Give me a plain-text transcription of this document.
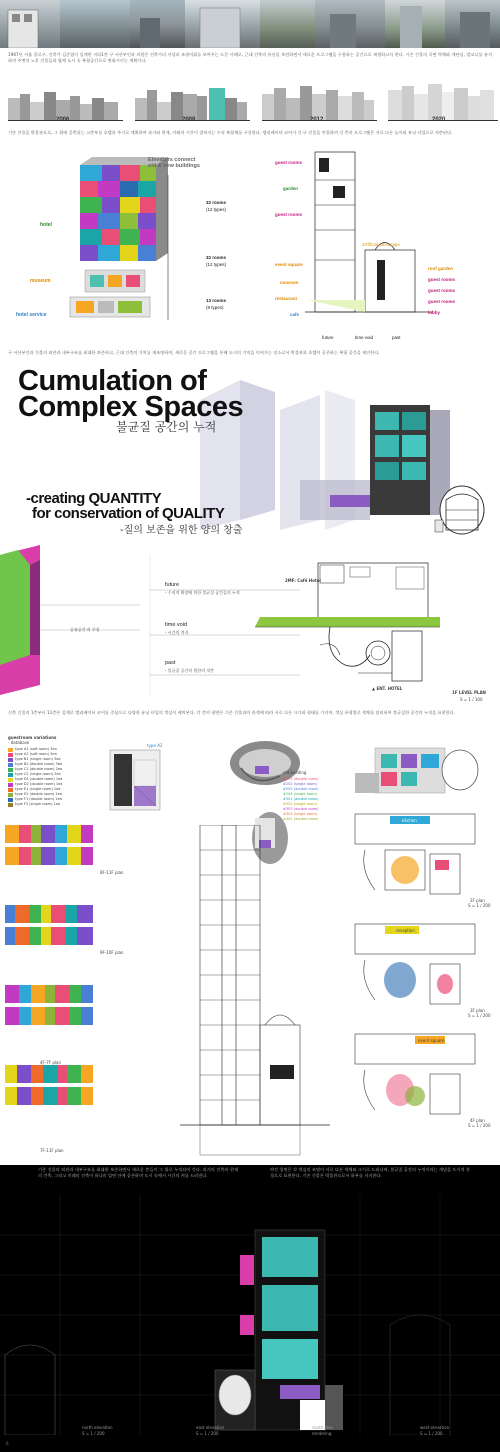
1967년 서울 종로구, 건축가 김중업이 설계한 지하1층 구 서산부인과 의원은 건축가의 사상과 조형어휘를 보여주는 드문 사례로, 근대 건축의 유산을 보전하면서 새로운 프로그램을 수용하는 공간으로 재생하고자 한다. 기존 건물의 곡면 벽체와 계단실, 발코니를 유지하며 주변의 노후 건물들과 함께 도시 속 복합공간으로 변화시키는 계획이다.
2006	2008	2012	2020
기존 건물을 박물관으로, 그 위에 증축되는 고층부를 호텔과 주거로 계획하여 과거와 현재, 미래의 시간이 겹쳐지는 수직 복합체를 구성한다. 엘리베이터 코어가 신·구 건물을 연결하며 각 층의 프로그램은 서로 다른 높이와 유닛 타입으로 적층된다.
Elevators connect
old & new buildings
hotel
museum
hotel service
32 rooms
(12 types)
32 rooms
(12 types)
13 rooms
(9 types)
guest rooms
garden
guest rooms
event square
museum
restaurant
cafe
roof garden
guest rooms
guest rooms
guest rooms
lobby
artificial landscape
future	time void	past
구 서산부인과 건물의 외관과 내부구조를 최대한 보존하고, 근대 건축의 가치를 재조명하며, 새로운 공간 프로그램을 통해 도시의 기억을 이어가는 장소로서 박물관과 호텔이 공존하는 복합 공간을 제안한다.
Cumulation of
Complex Spaces
불균질 공간의 누적
-creating QUANTITY
for conservation of QUALITY
-질의 보존을 위한 양의 창출
공유공간 의 주설
future
- 수직적 확장에 의한 불균질 공간들의 누적
time void
- 시간의 격자
past
- 불균질 공간의 원한의 적층
2MF: Café Hotel
▲ ENT. HOTEL
1F LEVEL PLAN
S = 1 / 100
신축 건물의 1층부터 11층은 설계로 엘리베이터 코어를 중심으로 다양한 유닛 타입의 객실이 배치된다. 각 층의 평면은 기존 건물과의 관계에 따라 서로 다른 크기와 형태를 가지며, 객실 유형별로 색채를 달리하여 불균질한 공간의 누적을 표현한다.
guestroom variations
- database
type A1 (soft room) 3ea
type A2 (soft room) 3ea
type B1 (single room) 3ea
type B2 (double room) 3ea
type C1 (double room) 2ea
type C2 (single room) 2ea
type D1 (double room) 1ea
type D2 (double room) 1ea
type E1 (single room) 1ea
type E2 (double room) 1ea
type F1 (double room) 1ea
type F2 (single room) 1ea
type A2
old building
#201 (double room)
#202 (single room)
#203 (double room)
#204 (single room)
#301 (double room)
#302 (single room)
#303 (double room)
#304 (single room)
#401 (double room)	kitchen
reception
event square
2F plan
S = 1 / 200
3F plan
S = 1 / 200
4F plan
S = 1 / 200
8F-11F plan
9F-10F plan
4F-7F plan
7F-11F plan
기존 건물의 외관과 내부구조를 최대한 보존하면서 새로운 층들이 그 위로 누적되어 간다. 과거의 건축과 현재의 건축, 그리고 미래의 건축이 하나의 입면 안에 공존하며 도시 속에서 시간의 켜를 드러낸다.
야간 입면은 각 객실의 조명이 서로 다른 색채와 크기로 드러나며, 불균질 공간의 누적이라는 개념을 도시적 풍경으로 표현한다. 기존 건물은 박물관으로서 하부를 지지한다.
north elevation
S = 1 / 200
east elevation
S = 1 / 200
south elev.
rendering
west elevation
S = 1 / 200
6
